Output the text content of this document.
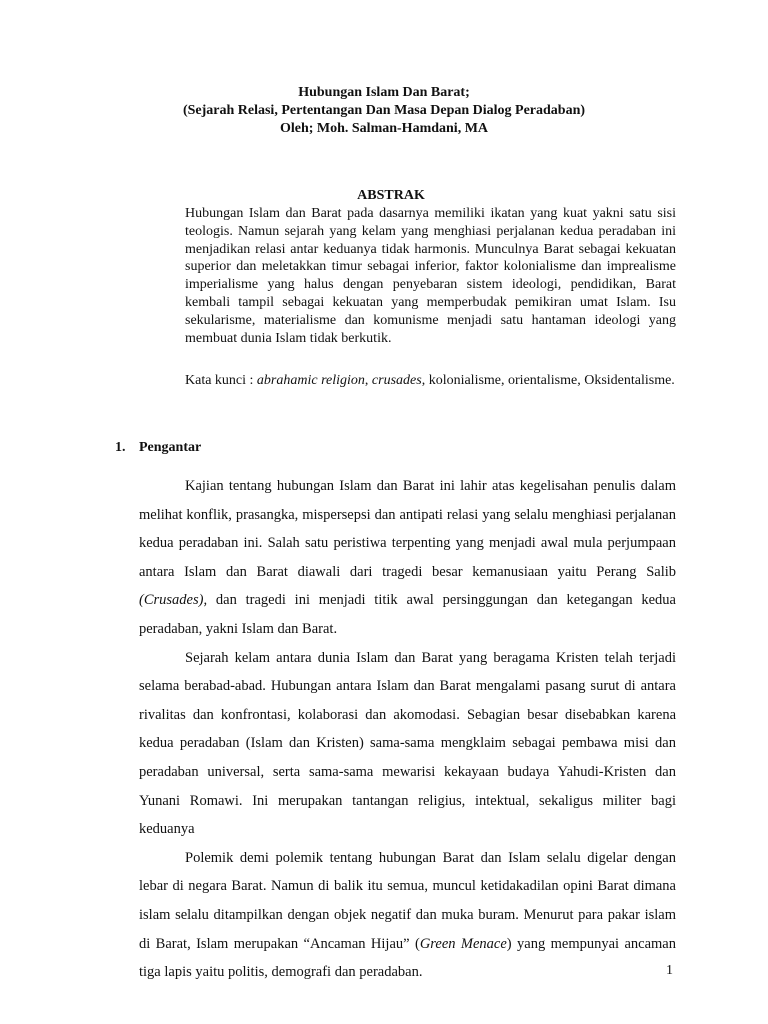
Hubungan Islam Dan Barat;
(Sejarah Relasi, Pertentangan Dan Masa Depan Dialog Peradaban)
Oleh; Moh. Salman-Hamdani, MA
ABSTRAK

Hubungan Islam dan Barat pada dasarnya memiliki ikatan yang kuat yakni satu sisi teologis. Namun sejarah yang kelam yang menghiasi perjalanan kedua peradaban ini menjadikan relasi antar keduanya tidak harmonis. Munculnya Barat sebagai kekuatan superior dan meletakkan timur sebagai inferior, faktor kolonialisme dan imprealisme imperialisme yang halus dengan penyebaran sistem ideologi, pendidikan, Barat kembali tampil sebagai kekuatan yang memperbudak pemikiran umat Islam. Isu sekularisme, materialisme dan komunisme menjadi satu hantaman ideologi yang membuat dunia Islam tidak berkutik.

Kata kunci : abrahamic religion, crusades, kolonialisme, orientalisme, Oksidentalisme.

1. Pengantar

Kajian tentang hubungan Islam dan Barat ini lahir atas kegelisahan penulis dalam melihat konflik, prasangka, mispersepsi dan antipati relasi yang selalu menghiasi perjalanan kedua peradaban ini. Salah satu peristiwa terpenting yang menjadi awal mula perjumpaan antara Islam dan Barat diawali dari tragedi besar kemanusiaan yaitu Perang Salib (Crusades), dan tragedi ini menjadi titik awal persinggungan dan ketegangan kedua peradaban, yakni Islam dan Barat.

Sejarah kelam antara dunia Islam dan Barat yang beragama Kristen telah terjadi selama berabad-abad. Hubungan antara Islam dan Barat mengalami pasang surut di antara rivalitas dan konfrontasi, kolaborasi dan akomodasi. Sebagian besar disebabkan karena kedua peradaban (Islam dan Kristen) sama-sama mengklaim sebagai pembawa misi dan peradaban universal, serta sama-sama mewarisi kekayaan budaya Yahudi-Kristen dan Yunani Romawi. Ini merupakan tantangan religius, intektual, sekaligus militer bagi keduanya

Polemik demi polemik tentang hubungan Barat dan Islam selalu digelar dengan lebar di negara Barat. Namun di balik itu semua, muncul ketidakadilan opini Barat dimana islam selalu ditampilkan dengan objek negatif dan muka buram. Menurut para pakar islam di Barat, Islam merupakan “Ancaman Hijau” (Green Menace) yang mempunyai ancaman tiga lapis yaitu politis, demografi dan peradaban.	1
